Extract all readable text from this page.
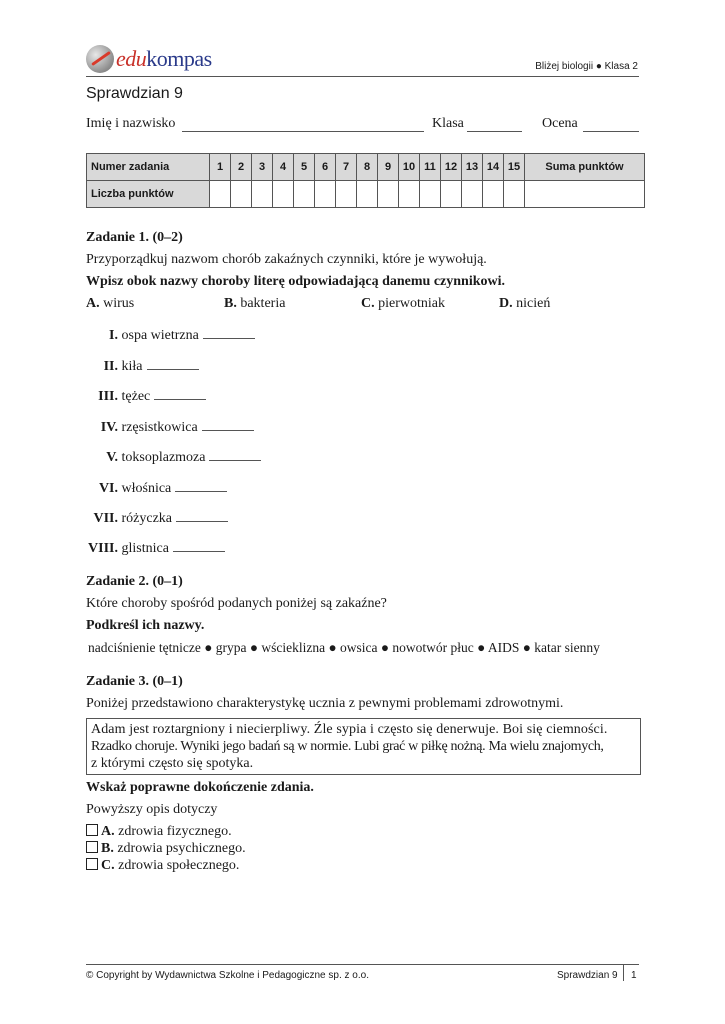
edukompas	Bliżej biologii ● Klasa 2
Sprawdzian 9
Imię i nazwisko	Klasa	Ocena
Numer zadania	1	2	3	4	5	6	7	8	9	10	11	12	13	14	15	Suma punktów
Liczba punktów																
Zadanie 1. (0–2)
Przyporządkuj nazwom chorób zakaźnych czynniki, które je wywołują.
Wpisz obok nazwy choroby literę odpowiadającą danemu czynnikowi.
A. wirus	B. bakteria	C. pierwotniak	D. nicień
I. ospa wietrzna
II. kiła
III. tężec
IV. rzęsistkowica
V. toksoplazmoza
VI. włośnica
VII. różyczka
VIII. glistnica
Zadanie 2. (0–1)
Które choroby spośród podanych poniżej są zakaźne?
Podkreśl ich nazwy.
nadciśnienie tętnicze ● grypa ● wścieklizna ● owsica ● nowotwór płuc ● AIDS ● katar sienny
Zadanie 3. (0–1)
Poniżej przedstawiono charakterystykę ucznia z pewnymi problemami zdrowotnymi.
Adam jest roztargniony i niecierpliwy. Źle sypia i często się denerwuje. Boi się ciemności.
Rzadko choruje. Wyniki jego badań są w normie. Lubi grać w piłkę nożną. Ma wielu znajomych,
z którymi często się spotyka.
Wskaż poprawne dokończenie zdania.
Powyższy opis dotyczy
A. zdrowia fizycznego.
B. zdrowia psychicznego.
C. zdrowia społecznego.
© Copyright by Wydawnictwa Szkolne i Pedagogiczne sp. z o.o.	Sprawdzian 9 1
